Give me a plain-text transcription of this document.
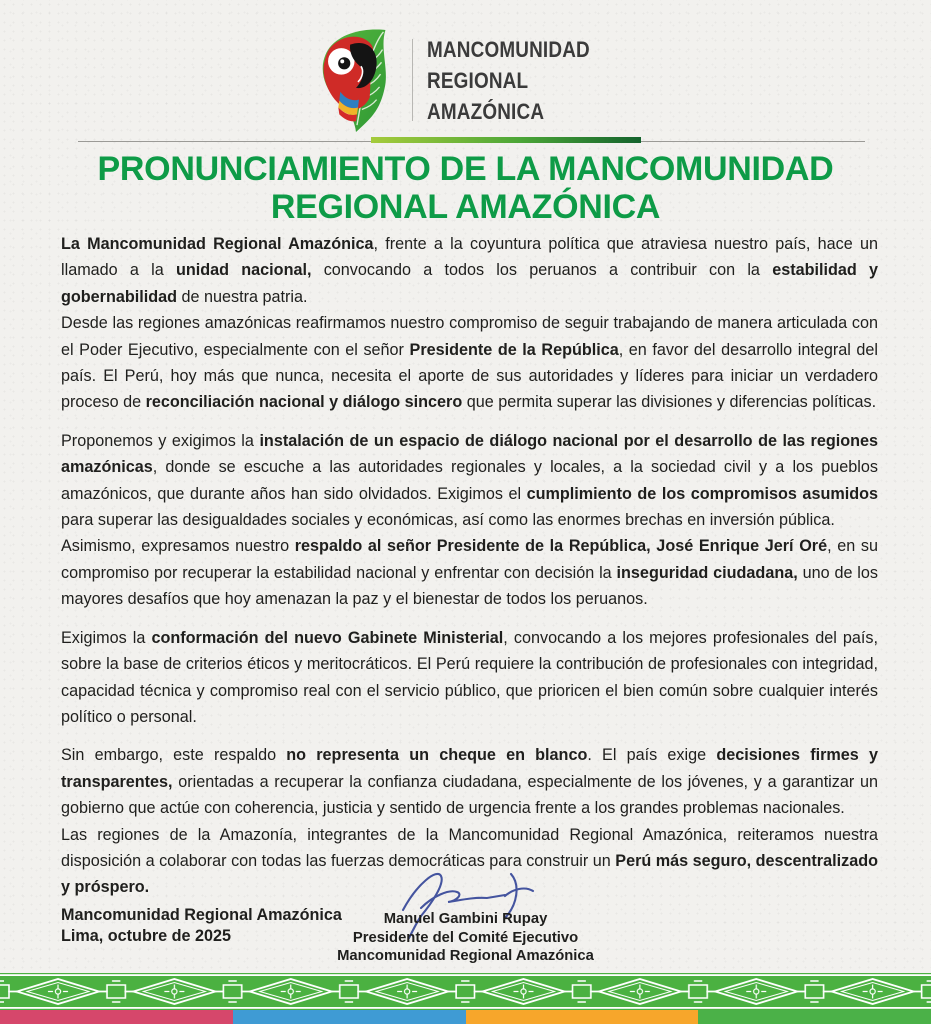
MANCOMUNIDAD
REGIONAL
AMAZÓNICA
PRONUNCIAMIENTO DE LA MANCOMUNIDAD
REGIONAL AMAZÓNICA

La Mancomunidad Regional Amazónica, frente a la coyuntura política que atraviesa nuestro país, hace un llamado a la unidad nacional, convocando a todos los peruanos a contribuir con la estabilidad y gobernabilidad de nuestra patria.

Desde las regiones amazónicas reafirmamos nuestro compromiso de seguir trabajando de manera articulada con el Poder Ejecutivo, especialmente con el señor Presidente de la República, en favor del desarrollo integral del país. El Perú, hoy más que nunca, necesita el aporte de sus autoridades y líderes para iniciar un verdadero proceso de reconciliación nacional y diálogo sincero que permita superar las divisiones y diferencias políticas.

Proponemos y exigimos la instalación de un espacio de diálogo nacional por el desarrollo de las regiones amazónicas, donde se escuche a las autoridades regionales y locales, a la sociedad civil y a los pueblos amazónicos, que durante años han sido olvidados. Exigimos el cumplimiento de los compromisos asumidos para superar las desigualdades sociales y económicas, así como las enormes brechas en inversión pública.

Asimismo, expresamos nuestro respaldo al señor Presidente de la República, José Enrique Jerí Oré, en su compromiso por recuperar la estabilidad nacional y enfrentar con decisión la inseguridad ciudadana, uno de los mayores desafíos que hoy amenazan la paz y el bienestar de todos los peruanos.

Exigimos la conformación del nuevo Gabinete Ministerial, convocando a los mejores profesionales del país, sobre la base de criterios éticos y meritocráticos. El Perú requiere la contribución de profesionales con integridad, capacidad técnica y compromiso real con el servicio público, que prioricen el bien común sobre cualquier interés político o personal.

Sin embargo, este respaldo no representa un cheque en blanco. El país exige decisiones firmes y transparentes, orientadas a recuperar la confianza ciudadana, especialmente de los jóvenes, y a garantizar un gobierno que actúe con coherencia, justicia y sentido de urgencia frente a los grandes problemas nacionales.

Las regiones de la Amazonía, integrantes de la Mancomunidad Regional Amazónica, reiteramos nuestra disposición a colaborar con todas las fuerzas democráticas para construir un Perú más seguro, descentralizado y próspero.

Mancomunidad Regional Amazónica
Lima, octubre de 2025
Manuel Gambini Rupay
Presidente del Comité Ejecutivo
Mancomunidad Regional Amazónica
